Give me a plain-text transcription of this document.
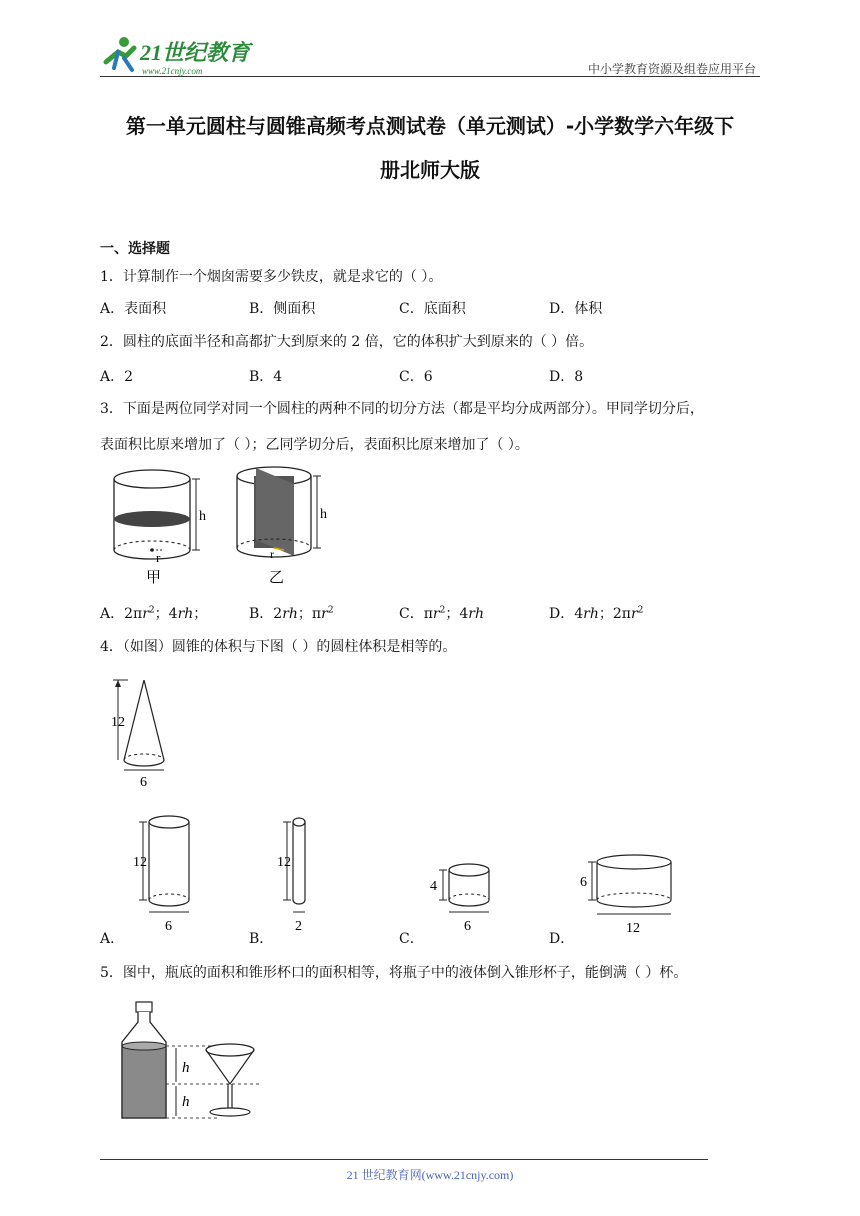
21世纪教育
www.21cnjy.com	中小学教育资源及组卷应用平台
第一单元圆柱与圆锥高频考点测试卷（单元测试）-小学数学六年级下
册北师大版
一、选择题
1．计算制作一个烟囱需要多少铁皮，就是求它的（ ）。
A．表面积	B．侧面积	C．底面积	D．体积
2．圆柱的底面半径和高都扩大到原来的 2 倍，它的体积扩大到原来的（ ）倍。
A．2	B．4	C．6	D．8
3．下面是两位同学对同一个圆柱的两种不同的切分方法（都是平均分成两部分）。甲同学切分后，
表面积比原来增加了（ ）；乙同学切分后，表面积比原来增加了（ ）。
r
h
甲
r
h
乙
A．$2\pi r^2$；4rh；	B．2rh；$\pi r^2$	C．$\pi r^2$；4rh	D．4rh；$2\pi r^2$
4．（如图）圆锥的体积与下图（ ）的圆柱体积是相等的。
12
6
A．
12
6
B．
12
2
C．
4
6
D．
6
12
5．图中，瓶底的面积和锥形杯口的面积相等，将瓶子中的液体倒入锥形杯子，能倒满（ ）杯。
h
h
21 世纪教育网(www.21cnjy.com)
